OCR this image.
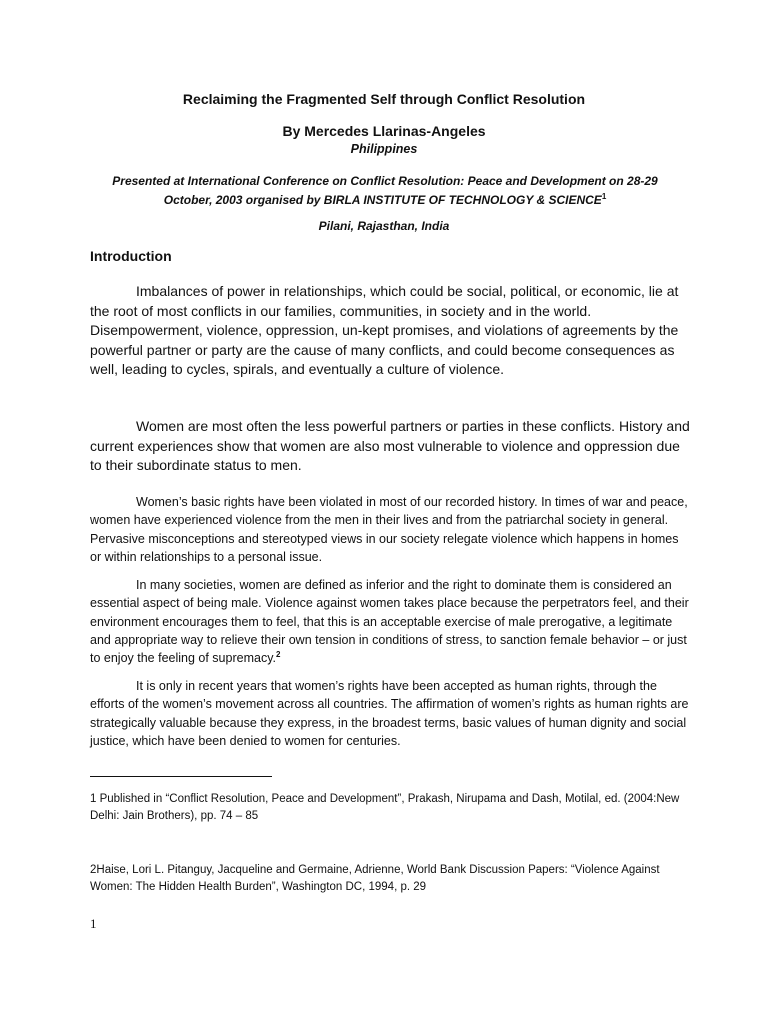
Reclaiming the Fragmented Self through Conflict Resolution
By Mercedes Llarinas-Angeles
Philippines
Presented at International Conference on Conflict Resolution: Peace and Development on 28-29 October, 2003 organised by BIRLA INSTITUTE OF TECHNOLOGY & SCIENCE$^1$
Pilani, Rajasthan, India
Introduction

Imbalances of power in relationships, which could be social, political, or economic, lie at the root of most conflicts in our families, communities, in society and in the world. Disempowerment, violence, oppression, un-kept promises, and violations of agreements by the powerful partner or party are the cause of many conflicts, and could become consequences as well, leading to cycles, spirals, and eventually a culture of violence.

Women are most often the less powerful partners or parties in these conflicts. History and current experiences show that women are also most vulnerable to violence and oppression due to their subordinate status to men.

Women’s basic rights have been violated in most of our recorded history. In times of war and peace, women have experienced violence from the men in their lives and from the patriarchal society in general. Pervasive misconceptions and stereotyped views in our society relegate violence which happens in homes or within relationships to a personal issue.

In many societies, women are defined as inferior and the right to dominate them is considered an essential aspect of being male. Violence against women takes place because the perpetrators feel, and their environment encourages them to feel, that this is an acceptable exercise of male prerogative, a legitimate and appropriate way to relieve their own tension in conditions of stress, to sanction female behavior – or just to enjoy the feeling of supremacy.$^2$

It is only in recent years that women’s rights have been accepted as human rights, through the efforts of the women’s movement across all countries. The affirmation of women’s rights as human rights are strategically valuable because they express, in the broadest terms, basic values of human dignity and social justice, which have been denied to women for centuries.

1 Published in “Conflict Resolution, Peace and Development”, Prakash, Nirupama and Dash, Motilal, ed. (2004:New Delhi: Jain Brothers), pp. 74 – 85

2Haise, Lori L. Pitanguy, Jacqueline and Germaine, Adrienne, World Bank Discussion Papers: “Violence Against Women: The Hidden Health Burden”, Washington DC, 1994, p. 29

1
